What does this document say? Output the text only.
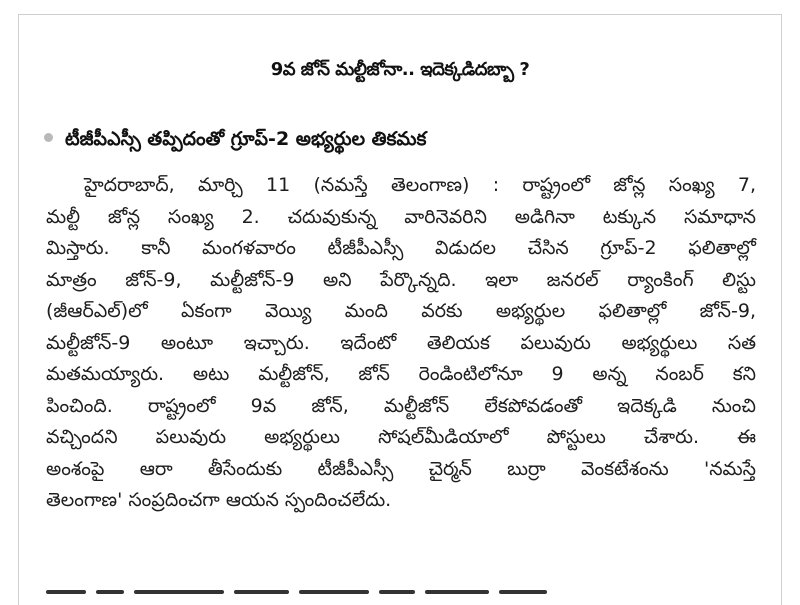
9వ జోన్ మల్టీజోనా.. ఇదెక్కడిదబ్బా ?
టీజీపీఎస్సీ తప్పిదంతో గ్రూప్-2 అభ్యర్థుల తికమక

హైదరాబాద్, మార్చి 11 (నమస్తే తెలంగాణ) : రాష్ట్రంలో జోన్ల సంఖ్య 7,

మల్టీ జోన్ల సంఖ్య 2. చదువుకున్న వారినెవరిని అడిగినా టక్కున సమాధాన

మిస్తారు. కానీ మంగళవారం టీజీపీఎస్సీ విడుదల చేసిన గ్రూప్-2 ఫలితాల్లో

మాత్రం జోన్-9, మల్టీజోన్-9 అని పేర్కొన్నది. ఇలా జనరల్ ర్యాంకింగ్ లిస్టు

(జీఆర్ఎల్)లో ఏకంగా వెయ్యి మంది వరకు అభ్యర్థుల ఫలితాల్లో జోన్-9,

మల్టీజోన్-9 అంటూ ఇచ్చారు. ఇదేంటో తెలియక పలువురు అభ్యర్థులు సత

మతమయ్యారు. అటు మల్టీజోన్, జోన్ రెండింటిలోనూ 9 అన్న నంబర్ కని

పించింది. రాష్ట్రంలో 9వ జోన్, మల్టీజోన్ లేకపోవడంతో ఇదెక్కడి నుంచి

వచ్చిందని పలువురు అభ్యర్థులు సోషల్‌మీడియాలో పోస్టులు చేశారు. ఈ

అంశంపై ఆరా తీసేందుకు టీజీపీఎస్సీ చైర్మన్ బుర్రా వెంకటేశంను 'నమస్తే

తెలంగాణ' సంప్రదించగా ఆయన స్పందించలేదు.
